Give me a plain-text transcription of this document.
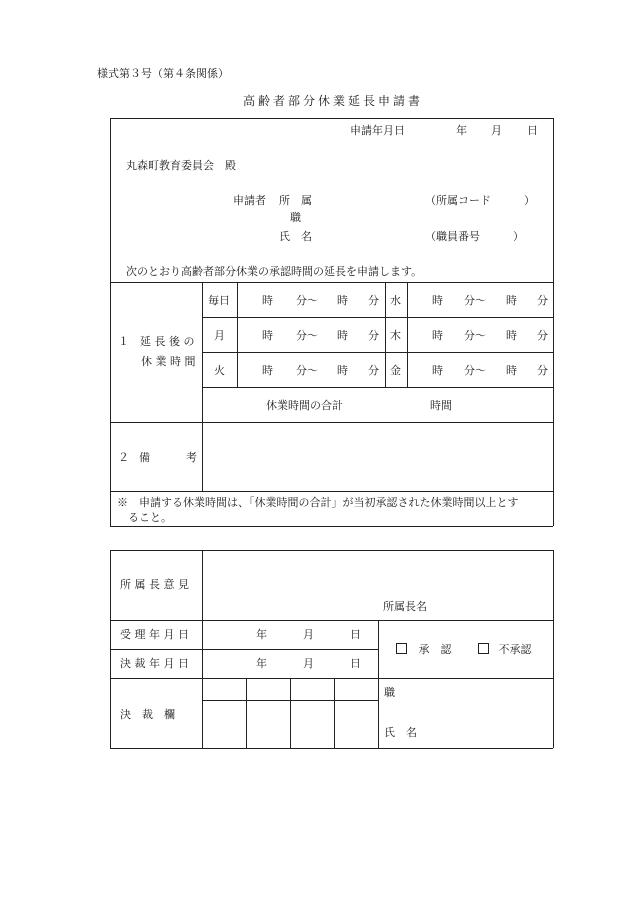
様式第３号（第４条関係）
高齢者部分休業延長申請書
申請年月日	年 月 日
丸森町教育委員会　殿
申請者 所　属	（所属コード　　　）
職
氏　名	（職員番号　　　）
次のとおり高齢者部分休業の承認時間の延長を申請します。
１　延 長 後 の
休 業 時 間
毎日	時 分〜 時 分 水	時 分〜 時 分
月	時 分〜 時 分 木	時 分〜 時 分
火	時 分〜 時 分 金	時 分〜 時 分
休業時間の合計	時間
２ 備	考
※　申請する休業時間は、「休業時間の合計」が当初承認された休業時間以上とす
ること。
所 属 長 意 見
所属長名
受 理 年 月 日	年	月	日
決 裁 年 月 日	年	月	日
承　認	不承認
決　裁　欄
職
氏　名
